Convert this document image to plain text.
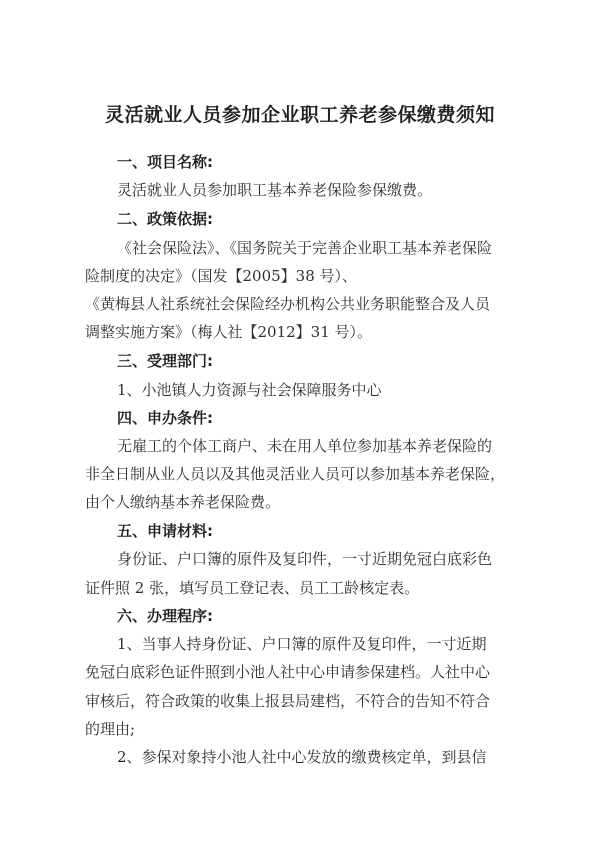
灵活就业人员参加企业职工养老参保缴费须知
一、项目名称:
灵活就业人员参加职工基本养老保险参保缴费。
二、政策依据:
《社会保险法》、《国务院关于完善企业职工基本养老保险
险制度的决定》（国发【2005】38 号）、
《黄梅县人社系统社会保险经办机构公共业务职能整合及人员
调整实施方案》（梅人社【2012】31 号）。
三、受理部门:
1、小池镇人力资源与社会保障服务中心
四、申办条件:
无雇工的个体工商户、未在用人单位参加基本养老保险的
非全日制从业人员以及其他灵活业人员可以参加基本养老保险，
由个人缴纳基本养老保险费。
五、申请材料:
身份证、户口簿的原件及复印件，一寸近期免冠白底彩色
证件照 2 张，填写员工登记表、员工工龄核定表。
六、办理程序:
1、当事人持身份证、户口簿的原件及复印件，一寸近期
免冠白底彩色证件照到小池人社中心申请参保建档。人社中心
审核后，符合政策的收集上报县局建档，不符合的告知不符合
的理由;
2、参保对象持小池人社中心发放的缴费核定单，到县信
